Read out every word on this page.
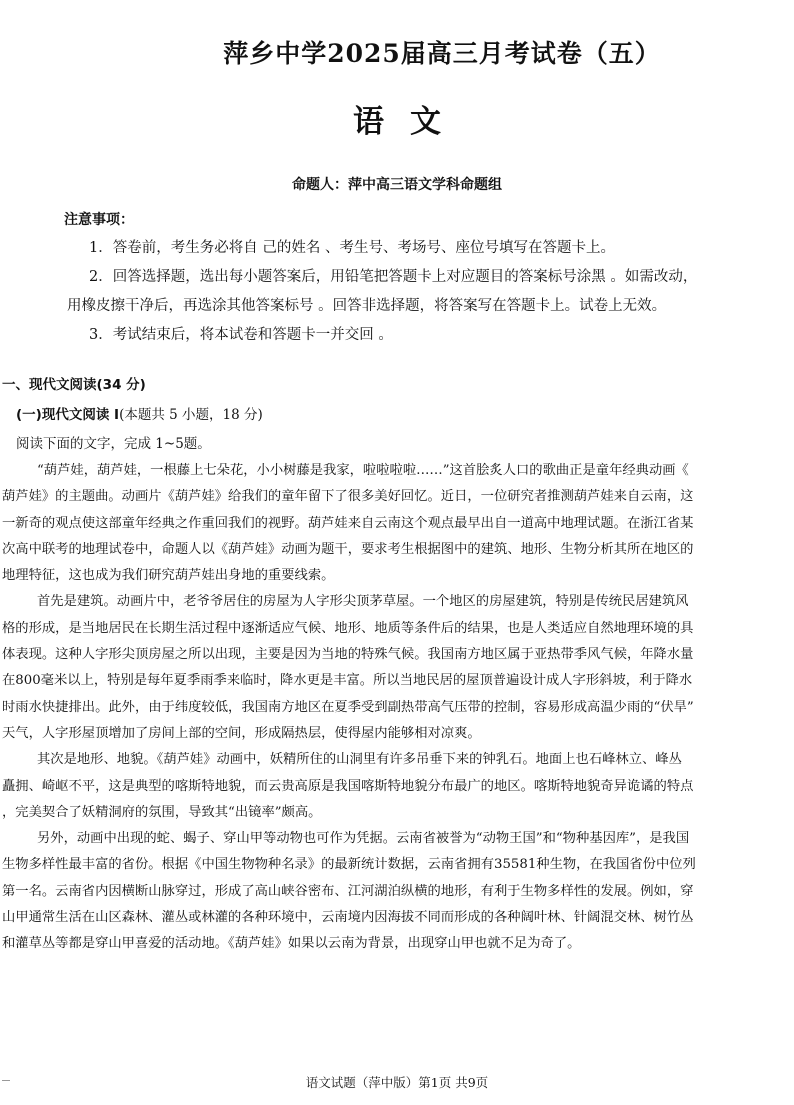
萍乡中学2025届高三月考试卷（五）
语文
命题人：萍中高三语文学科命题组
注意事项：
1．答卷前，考生务必将自 己的姓名 、考生号、考场号、座位号填写在答题卡上。
2．回答选择题，选出每小题答案后，用铅笔把答题卡上对应题目的答案标号涂黑 。如需改动，
用橡皮擦干净后，再选涂其他答案标号 。回答非选择题，将答案写在答题卡上。试卷上无效。
3．考试结束后，将本试卷和答题卡一并交回 。
一、现代文阅读(34 分)
(一)现代文阅读 I(本题共 5 小题，18 分)
阅读下面的文字，完成 1~5题。
“葫芦娃，葫芦娃，一根藤上七朵花，小小树藤是我家，啦啦啦啦……”这首脍炙人口的歌曲正是童年经典动画《
葫芦娃》的主题曲。动画片《葫芦娃》给我们的童年留下了很多美好回忆。近日，一位研究者推测葫芦娃来自云南，这
一新奇的观点使这部童年经典之作重回我们的视野。葫芦娃来自云南这个观点最早出自一道高中地理试题。在浙江省某
次高中联考的地理试卷中，命题人以《葫芦娃》动画为题干，要求考生根据图中的建筑、地形、生物分析其所在地区的
地理特征，这也成为我们研究葫芦娃出身地的重要线索。
首先是建筑。动画片中，老爷爷居住的房屋为人字形尖顶茅草屋。一个地区的房屋建筑，特别是传统民居建筑风
格的形成，是当地居民在长期生活过程中逐渐适应气候、地形、地质等条件后的结果，也是人类适应自然地理环境的具
体表现。这种人字形尖顶房屋之所以出现，主要是因为当地的特殊气候。我国南方地区属于亚热带季风气候，年降水量
在800毫米以上，特别是每年夏季雨季来临时，降水更是丰富。所以当地民居的屋顶普遍设计成人字形斜坡，利于降水
时雨水快捷排出。此外，由于纬度较低，我国南方地区在夏季受到副热带高气压带的控制，容易形成高温少雨的“伏旱”
天气，人字形屋顶增加了房间上部的空间，形成隔热层，使得屋内能够相对凉爽。
其次是地形、地貌。《葫芦娃》动画中，妖精所住的山洞里有许多吊垂下来的钟乳石。地面上也石峰林立、峰丛
矗拥、崎岖不平，这是典型的喀斯特地貌，而云贵高原是我国喀斯特地貌分布最广的地区。喀斯特地貌奇异诡谲的特点
，完美契合了妖精洞府的氛围，导致其“出镜率”颇高。
另外，动画中出现的蛇、蝎子、穿山甲等动物也可作为凭据。云南省被誉为“动物王国”和“物种基因库”，是我国
生物多样性最丰富的省份。根据《中国生物物种名录》的最新统计数据，云南省拥有35581种生物，在我国省份中位列
第一名。云南省内因横断山脉穿过，形成了高山峡谷密布、江河湖泊纵横的地形，有利于生物多样性的发展。例如，穿
山甲通常生活在山区森林、灌丛或林灌的各种环境中，云南境内因海拔不同而形成的各种阔叶林、针阔混交林、树竹丛
和灌草丛等都是穿山甲喜爱的活动地。《葫芦娃》如果以云南为背景，出现穿山甲也就不足为奇了。
语文试题（萍中版）第1页 共9页
